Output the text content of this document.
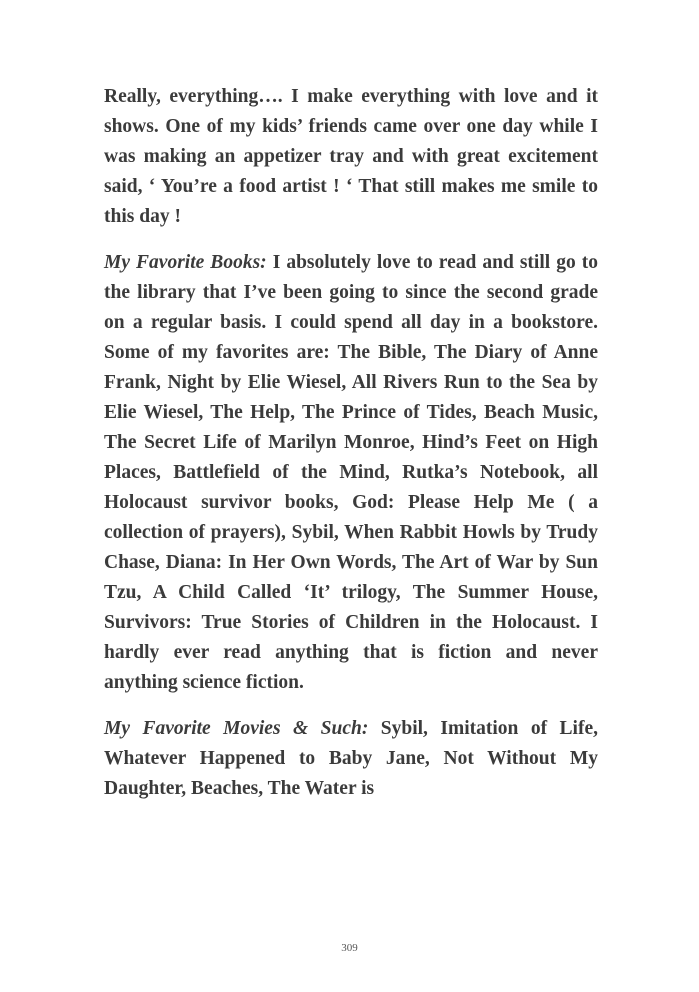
Really, everything…. I make everything with love and it shows. One of my kids’ friends came over one day while I was making an appetizer tray and with great excitement said, ‘ You’re a food artist ! ‘ That still makes me smile to this day !

My Favorite Books: I absolutely love to read and still go to the library that I’ve been going to since the second grade on a regular basis. I could spend all day in a bookstore. Some of my favorites are: The Bible, The Diary of Anne Frank, Night by Elie Wiesel, All Rivers Run to the Sea by Elie Wiesel, The Help, The Prince of Tides, Beach Music, The Secret Life of Marilyn Monroe, Hind’s Feet on High Places, Battlefield of the Mind, Rutka’s Notebook, all Holocaust survivor books, God: Please Help Me ( a collection of prayers), Sybil, When Rabbit Howls by Trudy Chase, Diana: In Her Own Words, The Art of War by Sun Tzu, A Child Called ‘It’ trilogy, The Summer House, Survivors: True Stories of Children in the Holocaust. I hardly ever read anything that is fiction and never anything science fiction.

My Favorite Movies & Such: Sybil, Imitation of Life, Whatever Happened to Baby Jane, Not Without My Daughter, Beaches, The Water is

309
